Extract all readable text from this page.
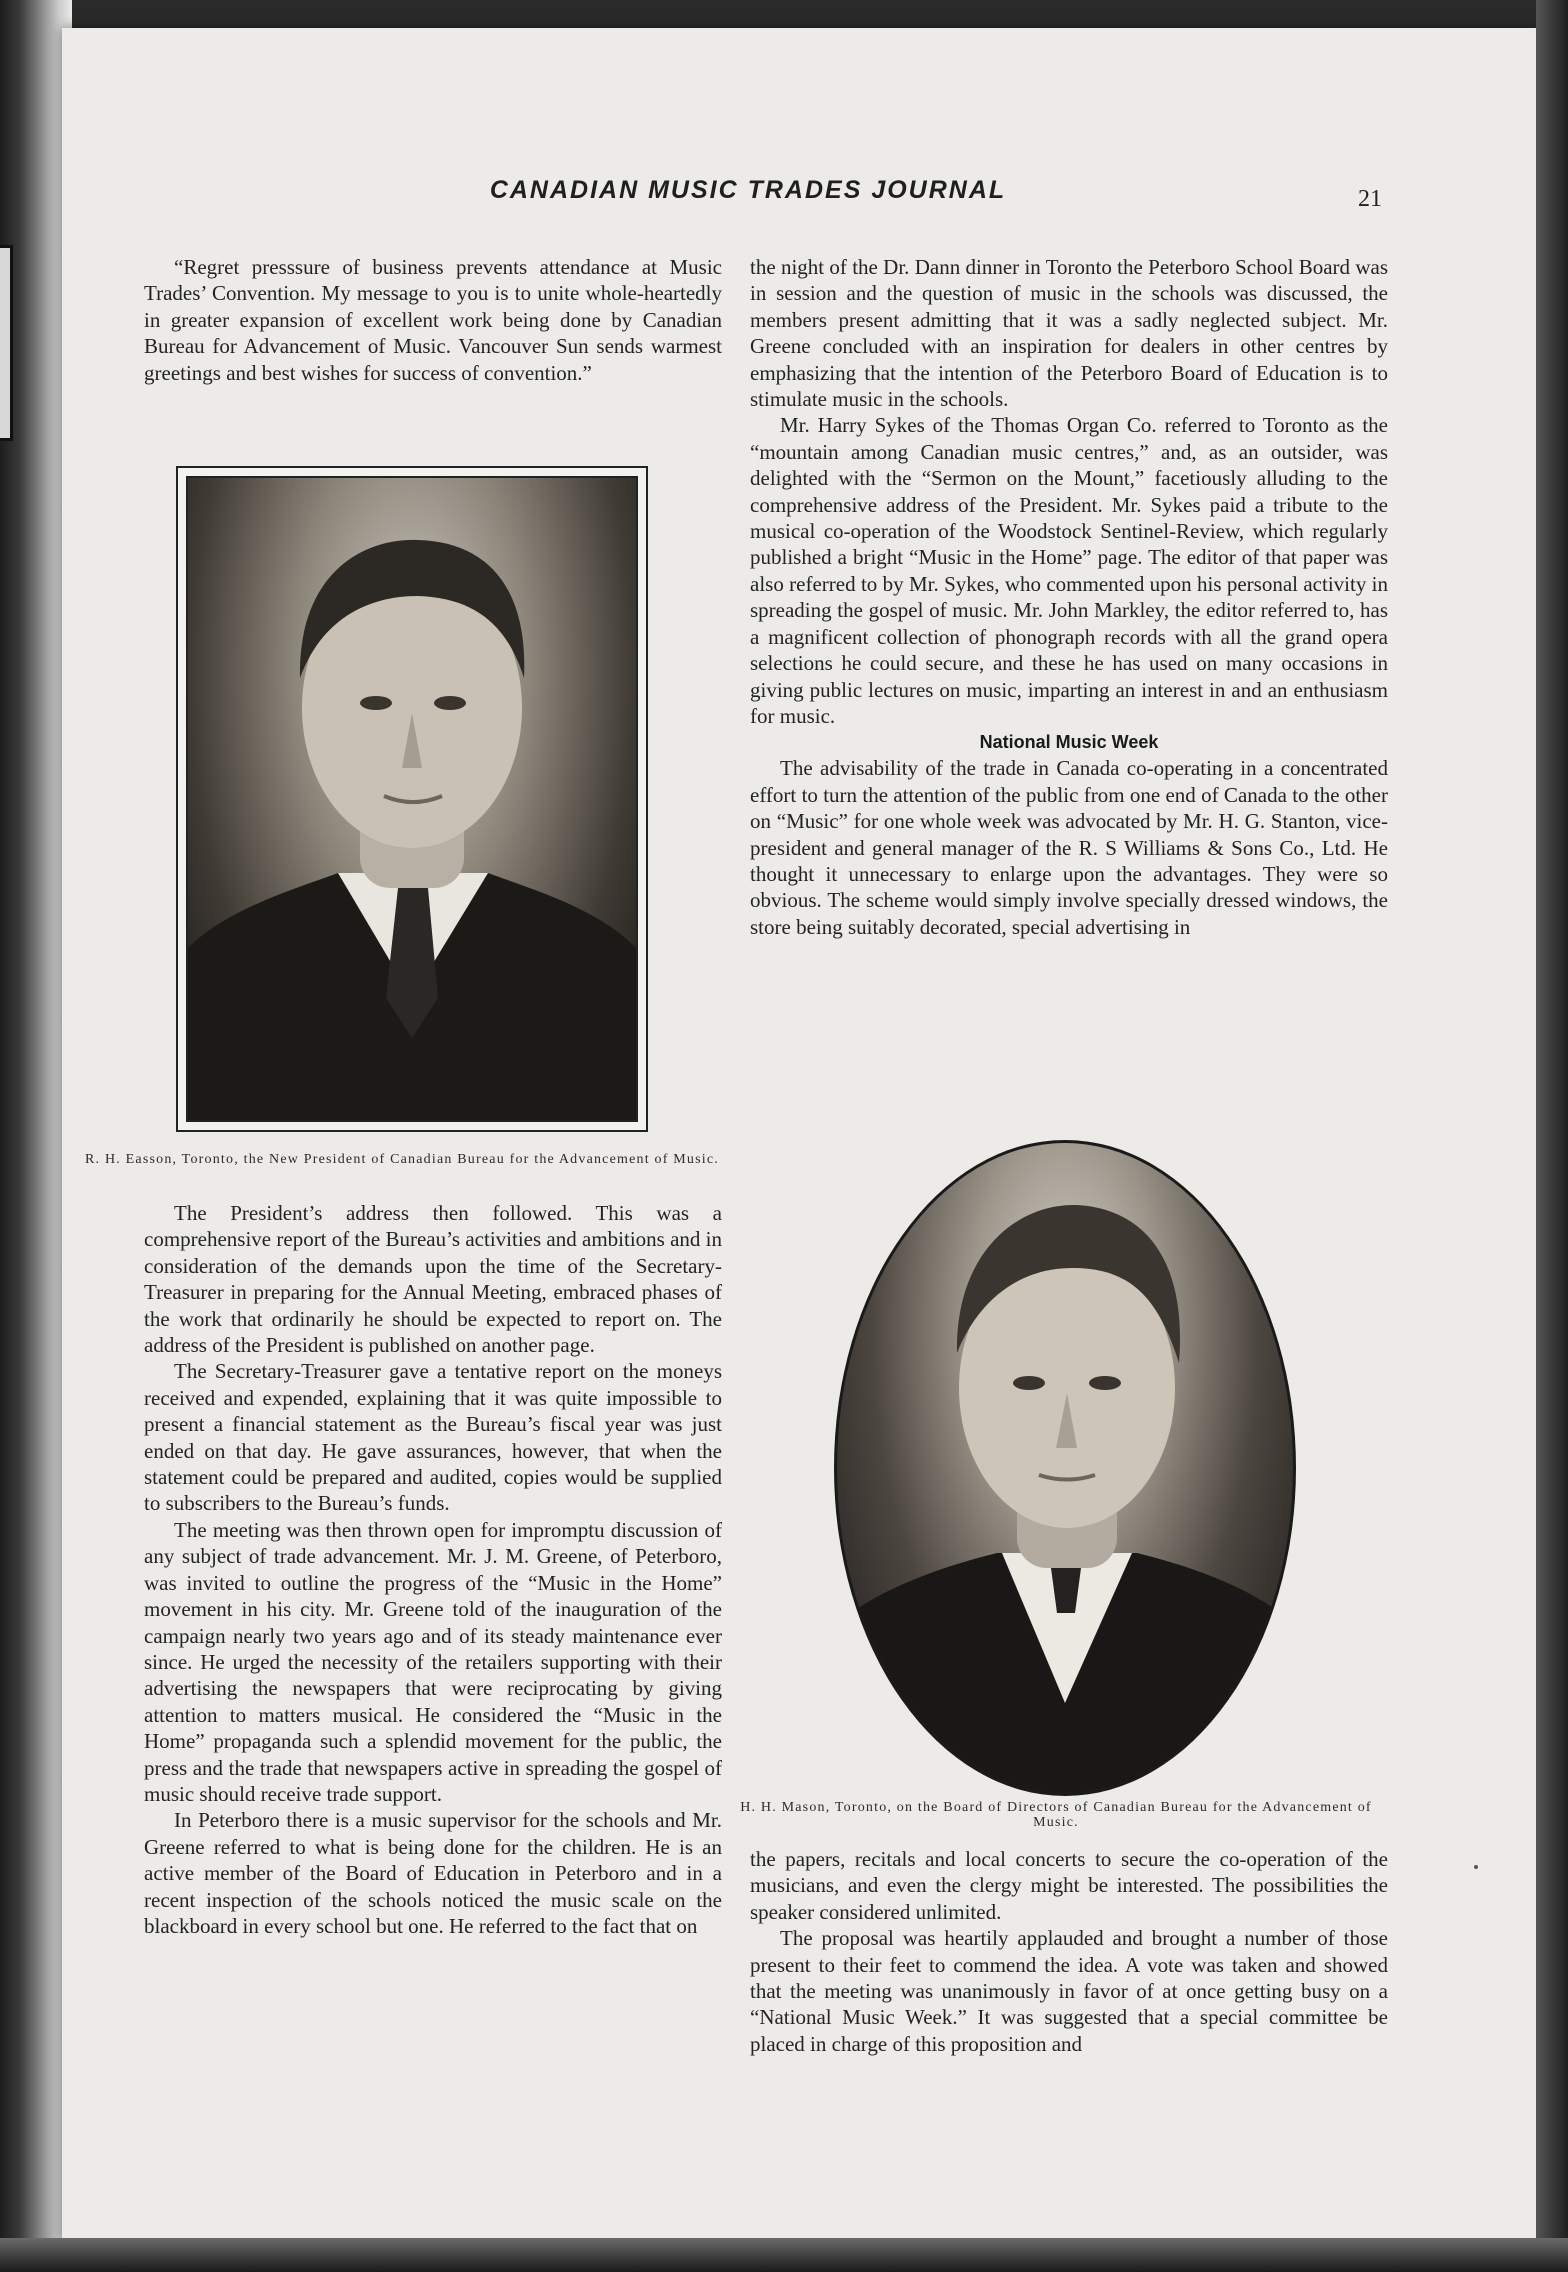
CANADIAN MUSIC TRADES JOURNAL	21

“Regret presssure of business prevents attendance at Music Trades’ Convention. My message to you is to unite whole-heartedly in greater expansion of excellent work being done by Canadian Bureau for Advancement of Music. Vancouver Sun sends warmest greetings and best wishes for success of convention.”

R. H. Easson, Toronto, the New President of Canadian Bureau for the Advancement of Music.

The President’s address then followed. This was a comprehensive report of the Bureau’s activities and ambitions and in consideration of the demands upon the time of the Secretary-Treasurer in preparing for the Annual Meeting, embraced phases of the work that ordinarily he should be expected to report on. The address of the President is published on another page.

The Secretary-Treasurer gave a tentative report on the moneys received and expended, explaining that it was quite impossible to present a financial statement as the Bureau’s fiscal year was just ended on that day. He gave assurances, however, that when the statement could be prepared and audited, copies would be supplied to subscribers to the Bureau’s funds.

The meeting was then thrown open for impromptu discussion of any subject of trade advancement. Mr. J. M. Greene, of Peterboro, was invited to outline the progress of the “Music in the Home” movement in his city. Mr. Greene told of the inauguration of the campaign nearly two years ago and of its steady maintenance ever since. He urged the necessity of the retailers supporting with their advertising the newspapers that were reciprocating by giving attention to matters musical. He considered the “Music in the Home” propaganda such a splendid movement for the public, the press and the trade that newspapers active in spreading the gospel of music should receive trade support.

In Peterboro there is a music supervisor for the schools and Mr. Greene referred to what is being done for the children. He is an active member of the Board of Education in Peterboro and in a recent inspection of the schools noticed the music scale on the blackboard in every school but one. He referred to the fact that on

the night of the Dr. Dann dinner in Toronto the Peterboro School Board was in session and the question of music in the schools was discussed, the members present admitting that it was a sadly neglected subject. Mr. Greene concluded with an inspiration for dealers in other centres by emphasizing that the intention of the Peterboro Board of Education is to stimulate music in the schools.

Mr. Harry Sykes of the Thomas Organ Co. referred to Toronto as the “mountain among Canadian music centres,” and, as an outsider, was delighted with the “Sermon on the Mount,” facetiously alluding to the comprehensive address of the President. Mr. Sykes paid a tribute to the musical co-operation of the Woodstock Sentinel-Review, which regularly published a bright “Music in the Home” page. The editor of that paper was also referred to by Mr. Sykes, who commented upon his personal activity in spreading the gospel of music. Mr. John Markley, the editor referred to, has a magnificent collection of phonograph records with all the grand opera selections he could secure, and these he has used on many occasions in giving public lectures on music, imparting an interest in and an enthusiasm for music.

National Music Week

The advisability of the trade in Canada co-operating in a concentrated effort to turn the attention of the public from one end of Canada to the other on “Music” for one whole week was advocated by Mr. H. G. Stanton, vice-president and general manager of the R. S Williams & Sons Co., Ltd. He thought it unnecessary to enlarge upon the advantages. They were so obvious. The scheme would simply involve specially dressed windows, the store being suitably decorated, special advertising in

H. H. Mason, Toronto, on the Board of Directors of Canadian Bureau for the Advancement of Music.

the papers, recitals and local concerts to secure the co-operation of the musicians, and even the clergy might be interested. The possibilities the speaker considered unlimited.

The proposal was heartily applauded and brought a number of those present to their feet to commend the idea. A vote was taken and showed that the meeting was unanimously in favor of at once getting busy on a “National Music Week.” It was suggested that a special committee be placed in charge of this proposition and
